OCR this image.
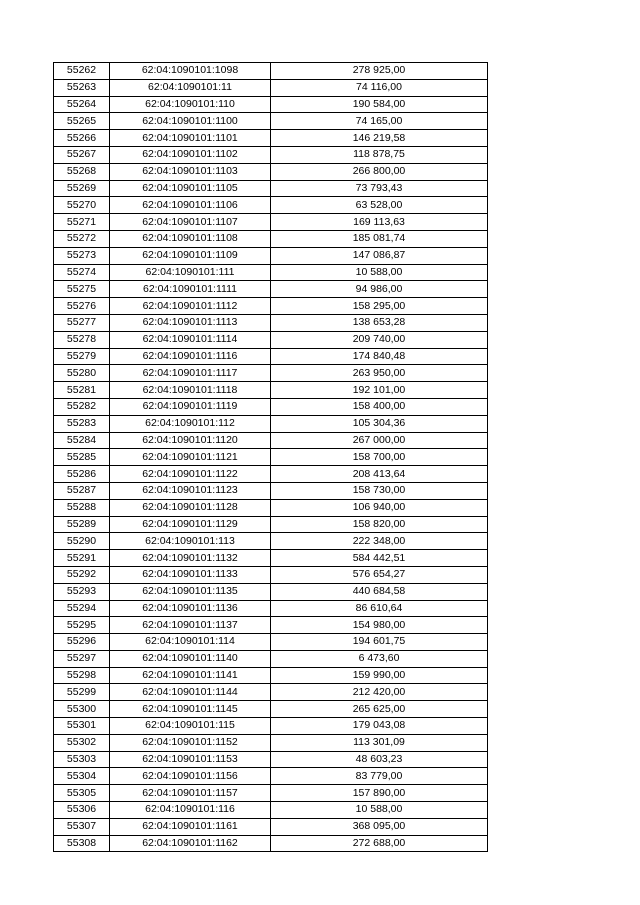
55262	62:04:1090101:1098	278 925,00
55263	62:04:1090101:11	74 116,00
55264	62:04:1090101:110	190 584,00
55265	62:04:1090101:1100	74 165,00
55266	62:04:1090101:1101	146 219,58
55267	62:04:1090101:1102	118 878,75
55268	62:04:1090101:1103	266 800,00
55269	62:04:1090101:1105	73 793,43
55270	62:04:1090101:1106	63 528,00
55271	62:04:1090101:1107	169 113,63
55272	62:04:1090101:1108	185 081,74
55273	62:04:1090101:1109	147 086,87
55274	62:04:1090101:111	10 588,00
55275	62:04:1090101:1111	94 986,00
55276	62:04:1090101:1112	158 295,00
55277	62:04:1090101:1113	138 653,28
55278	62:04:1090101:1114	209 740,00
55279	62:04:1090101:1116	174 840,48
55280	62:04:1090101:1117	263 950,00
55281	62:04:1090101:1118	192 101,00
55282	62:04:1090101:1119	158 400,00
55283	62:04:1090101:112	105 304,36
55284	62:04:1090101:1120	267 000,00
55285	62:04:1090101:1121	158 700,00
55286	62:04:1090101:1122	208 413,64
55287	62:04:1090101:1123	158 730,00
55288	62:04:1090101:1128	106 940,00
55289	62:04:1090101:1129	158 820,00
55290	62:04:1090101:113	222 348,00
55291	62:04:1090101:1132	584 442,51
55292	62:04:1090101:1133	576 654,27
55293	62:04:1090101:1135	440 684,58
55294	62:04:1090101:1136	86 610,64
55295	62:04:1090101:1137	154 980,00
55296	62:04:1090101:114	194 601,75
55297	62:04:1090101:1140	6 473,60
55298	62:04:1090101:1141	159 990,00
55299	62:04:1090101:1144	212 420,00
55300	62:04:1090101:1145	265 625,00
55301	62:04:1090101:115	179 043,08
55302	62:04:1090101:1152	113 301,09
55303	62:04:1090101:1153	48 603,23
55304	62:04:1090101:1156	83 779,00
55305	62:04:1090101:1157	157 890,00
55306	62:04:1090101:116	10 588,00
55307	62:04:1090101:1161	368 095,00
55308	62:04:1090101:1162	272 688,00
